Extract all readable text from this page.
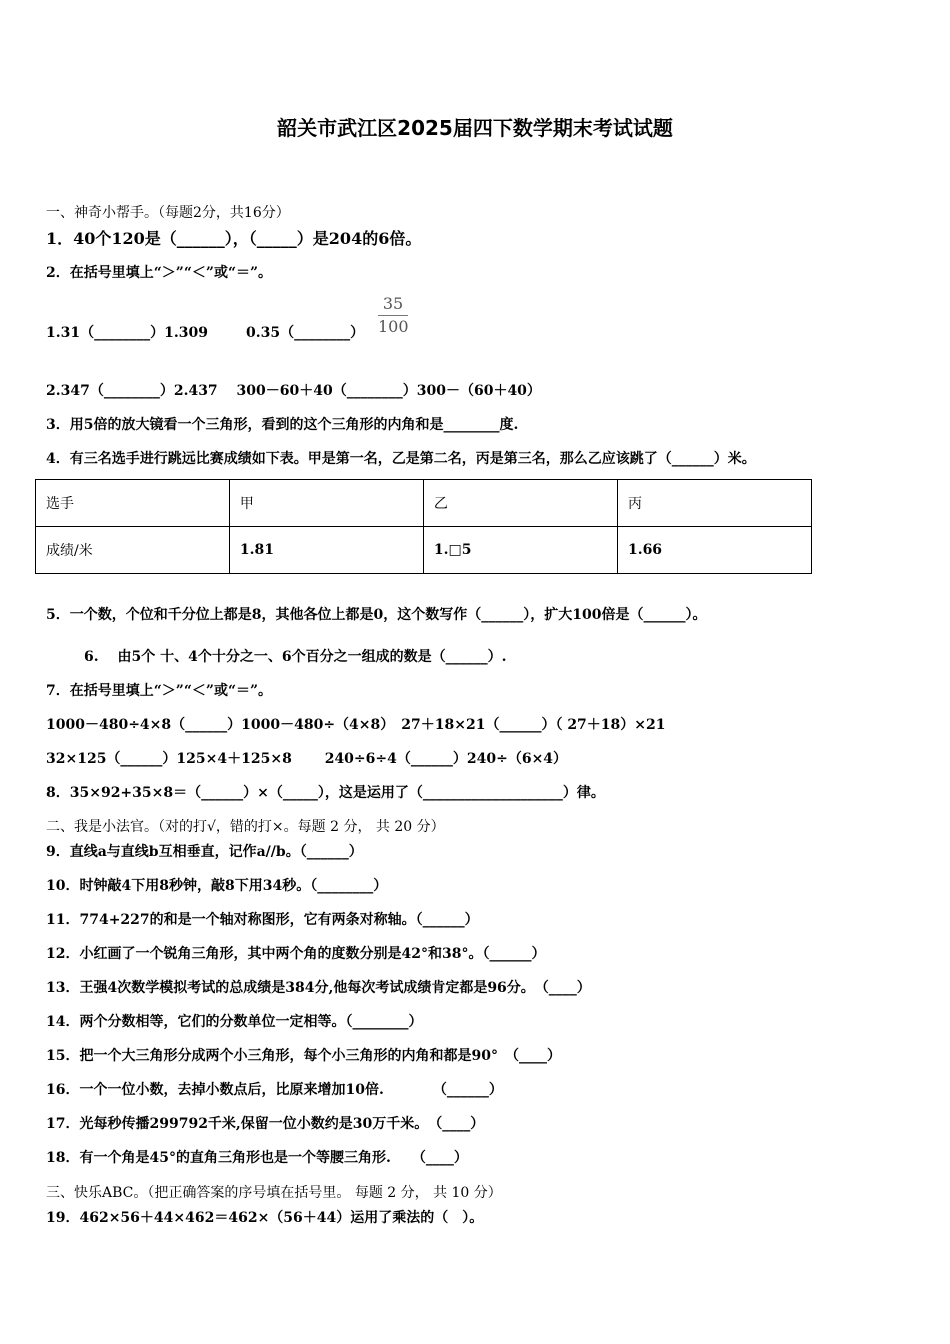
韶关市武江区2025届四下数学期末考试试题
一、神奇小帮手。（每题2分，共16分）
1．40个120是（______），（_____）是204的6倍。
2．在括号里填上“＞”“＜”或“＝”。
1.31（________）1.309	0.35（________）
35
100
2.347（________）2.437　 300－60＋40（________）300－（60＋40）
3．用5倍的放大镜看一个三角形，看到的这个三角形的内角和是________度.
4．有三名选手进行跳远比赛成绩如下表。甲是第一名，乙是第二名，丙是第三名，那么乙应该跳了（______）米。
选手	甲	乙	丙
成绩/米	1.81	1.□5	1.66
5．一个数，个位和千分位上都是8，其他各位上都是0，这个数写作（______），扩大100倍是（______）。
6.　 由5个 十、4个十分之一、6个百分之一组成的数是（______）.
7．在括号里填上“＞”“＜”或“＝”。
1000－480÷4×8（______）1000－480÷（4×8）　27＋18×21（______）（ 27＋18）×21
32×125（______）125×4＋125×8　　 240÷6÷4（______）240÷（6×4）
8．35×92+35×8＝（______）×（_____），这是运用了（____________________）律。
二、我是小法官。（对的打√，错的打×。每题 2 分， 共 20 分）
9．直线a与直线b互相垂直，记作a//b。（______）
10．时钟敲4下用8秒钟，敲8下用34秒。（________）
11．774+227的和是一个轴对称图形，它有两条对称轴。（______）
12．小红画了一个锐角三角形，其中两个角的度数分别是42°和38°。（______）
13．王强4次数学模拟考试的总成绩是384分,他每次考试成绩肯定都是96分。　（____）
14．两个分数相等，它们的分数单位一定相等。（________）
15．把一个大三角形分成两个小三角形，每个小三角形的内角和都是90°　（____）
16．一个一位小数，去掉小数点后，比原来增加10倍.　　　　（______）
17．光每秒传播299792千米,保留一位小数约是30万千米。　（____）
18．有一个角是45°的直角三角形也是一个等腰三角形.　　（____）
三、快乐ABC。（把正确答案的序号填在括号里。 每题 2 分， 共 10 分）
19．462×56＋44×462＝462×（56＋44）运用了乘法的（　）。
